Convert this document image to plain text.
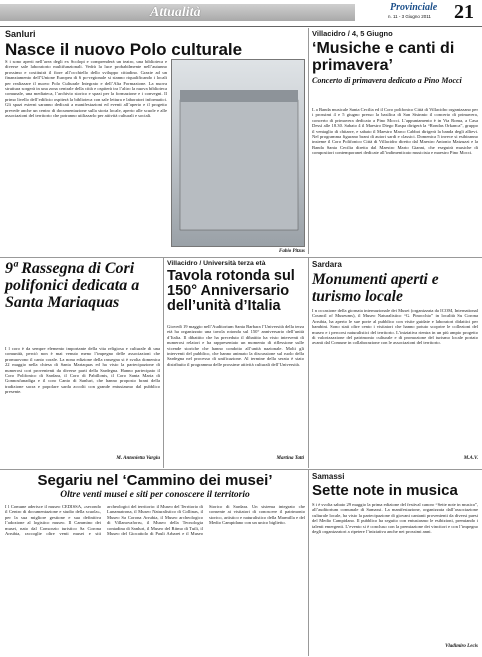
Attualità	Provinciale
n. 11 - 3 Giugno 2011 21
Sanluri
Nasce il nuovo Polo culturale
S i sono aperti nell’area degli ex Scolopi e comprenderà un teatro, una biblioteca e diverse sale laboratorio multifunzionali. Vedrà la luce probabilmente nell’autunno prossimo e costituirà il fiore all’occhiello dello sviluppo cittadino. Grazie ad un finanziamento dell’Unione Europea di 6 po-regionale si stanno riqualificando i locali per realizzare il nuovo Polo Culturale Integrato e dell’Alta Formazione. La nuova struttura sorgerà in una zona centrale della città e ospiterà tra l’altro la nuova biblioteca comunale, una mediateca, l’archivio storico e spazi per la formazione e i convegni. Il primo livello dell’edificio ospiterà la biblioteca con sale lettura e laboratori informatici. Gli spazi esterni saranno dedicati a manifestazioni ed eventi all’aperto e il progetto prevede anche un centro di documentazione sulla storia locale, aperto alle scuole e alle associazioni del territorio che potranno utilizzarlo per attività culturali e sociali.
Fabio Pitzus
Villacidro / 4, 5 Giugno
‘Musiche e canti di primavera’
Concerto di primavera dedicato a Pino Mocci
L a Banda musicale Santa Cecilia ed il Coro polifonico Città di Villacidro organizzano per i prossimi 4 e 5 giugno presso la basilica di San Sisinnio il concerto di primavera, concerto di primavera dedicato a Pino Mocci. L’appuntamento è in Via Roma, a Casa Dessì alle 18.30. Sabato 4 il Maestro Diego Raspa dirigerà la “Rondas Orkanca”, gruppo il ventaglio di chitarre, e sabato il Maestro Marco Cabboi dirigerà la banda degli allievi. Nel programma figurano brani di autori sardi e classici. Domenica 5 invece si esibiranno insieme il Coro Polifonico Città di Villacidro diretto dal Maestro Antonio Matzuzzi e la Banda Santa Cecilia diretta dal Maestro Mario Gianni, che eseguirà musiche di compositori contemporanei dedicate all’indimenticato musicista e maestro Pino Mocci.
9ª Rassegna di Cori polifonici dedicata a Santa Mariaquas
I l coro è da sempre elemento importante della vita religiosa e culturale di una comunità, perciò non è mai venuto meno l’impegno delle associazioni che promuovono il canto corale. La nona edizione della rassegna si è svolta domenica 22 maggio nella chiesa di Santa Mariaquas ed ha visto la partecipazione di numerosi cori provenienti da diverse parti della Sardegna. Hanno partecipato il Coro Polifonico di Sardara, il Coro di Pabillonis, il Coro Santa Maria di Gonnosfanadiga e il coro Canto di Sanluri, che hanno proposto brani della tradizione sacra e popolare sarda accolti con grande entusiasmo dal pubblico presente.
M. Antonietta Vargiu
Villacidro / Università terza età
Tavola rotonda sul 150° Anniversario dell’unità d’Italia
Giovedì 19 maggio nell’Auditorium Santa Barbara l’Università della terza età ha organizzato una tavola rotonda sul 150° anniversario dell’unità d’Italia. Il dibattito che ha preceduto il dibattito ha visto interventi di numerosi relatori e ha rappresentato un momento di riflessione sulle vicende storiche che hanno condotto all’unità nazionale. Molti gli interventi del pubblico, che hanno animato la discussione sul ruolo della Sardegna nel processo di unificazione. Al termine della serata è stato distribuito il programma delle prossime attività culturali dell’Università.
Martina Tatti
Sardara
Monumenti aperti e turismo locale
I n occasione della giornata internazionale dei Musei (organizzata da ICOM, International Council of Museums), il Museo Naturalistico “G. Pinocchio” in località Su Corona Arrubia, ha aperto le sue porte al pubblico con visite guidate e laboratori didattici per bambini. Sono stati oltre cento i visitatori che hanno potuto scoprire le collezioni del museo e i percorsi naturalistici del territorio. L’iniziativa rientra in un più ampio progetto di valorizzazione del patrimonio culturale e di promozione del turismo locale portato avanti dal Comune in collaborazione con le associazioni del territorio.
M.A.V.
Segariu nel ‘Cammino dei musei’
Oltre venti musei e siti per conoscere il territorio
I l Comune aderisce il museo CEDISSA, «secondo il Centro di documentazione e studio della scuola», per la sua migliore gestione e sua definitiva l’adozione al logistico museo. Il Cammino dei musei, nato dal Consorzio turistico Sa Corona Arrubia, raccoglie oltre venti musei e siti archeologici del territorio: il Museo del Territorio di Lunamatrona, il Museo Naturalistico di Collinas, il Museo Sa Corona Arrubia, il Museo archeologico di Villanovaforru, il Museo della Tecnologia contadina di Sanluri, il Museo del Ritmo di Tuili, il Museo del Giocattolo di Pauli Arbarei e il Museo Storico di Sardara. Un sistema integrato che consente ai visitatori di conoscere il patrimonio storico, artistico e naturalistico della Marmilla e del Medio Campidano con un unico biglietto.
Samassi
Sette note in musica
S i è svolta sabato 29 maggio la prima edizione del festival canoro “Sette note in musica”, all’auditorium comunale di Samassi. La manifestazione, organizzata dall’associazione culturale locale, ha visto la partecipazione di giovani cantanti provenienti da diversi paesi del Medio Campidano. Il pubblico ha seguito con entusiasmo le esibizioni, premiando i talenti emergenti. L’evento si è concluso con la premiazione dei vincitori e con l’impegno degli organizzatori a ripetere l’iniziativa anche nei prossimi anni.
Vladimiro Lecis
